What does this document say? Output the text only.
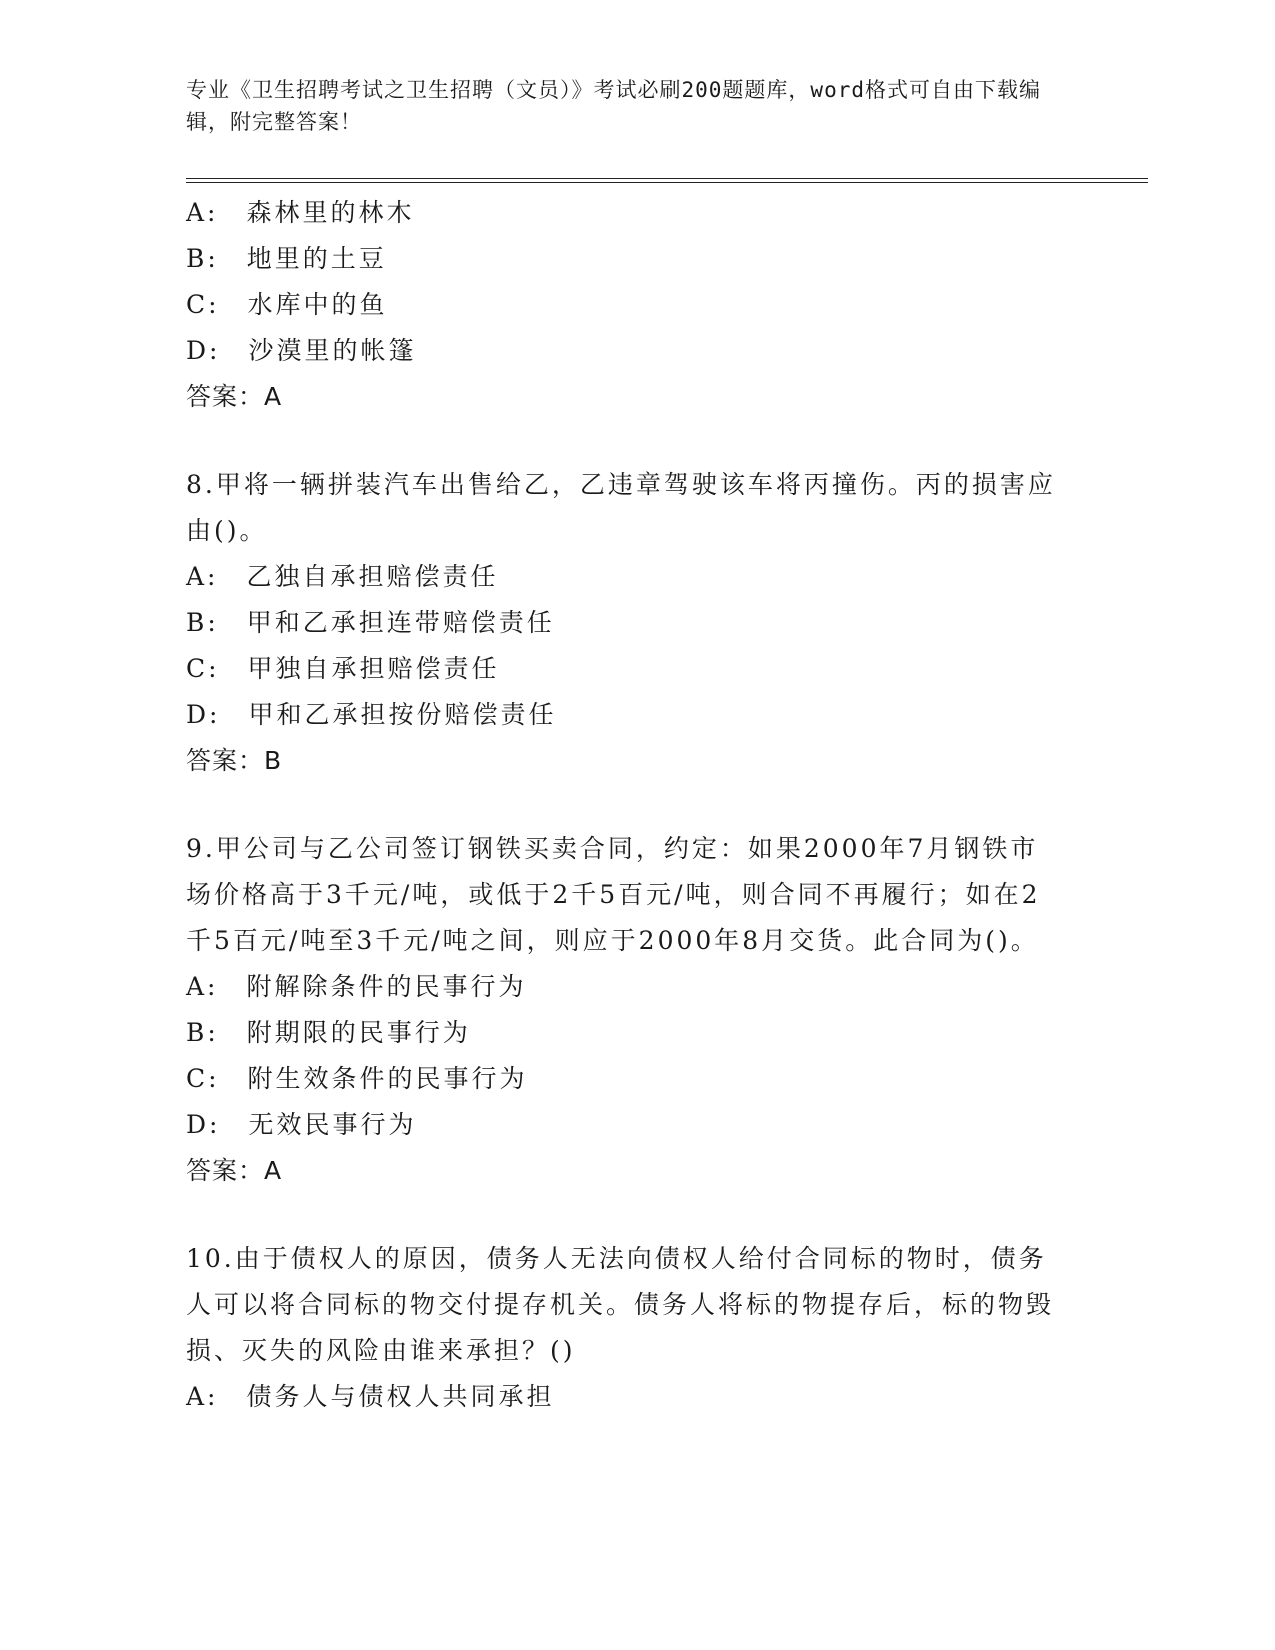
专业《卫生招聘考试之卫生招聘（文员）》考试必刷200题题库，word格式可自由下载编辑，附完整答案！
A:　森林里的林木
B:　地里的土豆
C:　水库中的鱼
D:　沙漠里的帐篷
答案：A
8.甲将一辆拼装汽车出售给乙，乙违章驾驶该车将丙撞伤。丙的损害应由()。
A:　乙独自承担赔偿责任
B:　甲和乙承担连带赔偿责任
C:　甲独自承担赔偿责任
D:　甲和乙承担按份赔偿责任
答案：B
9.甲公司与乙公司签订钢铁买卖合同，约定：如果2000年7月钢铁市场价格高于3千元/吨，或低于2千5百元/吨，则合同不再履行；如在2千5百元/吨至3千元/吨之间，则应于2000年8月交货。此合同为()。
A:　附解除条件的民事行为
B:　附期限的民事行为
C:　附生效条件的民事行为
D:　无效民事行为
答案：A
10.由于债权人的原因，债务人无法向债权人给付合同标的物时，债务人可以将合同标的物交付提存机关。债务人将标的物提存后，标的物毁损、灭失的风险由谁来承担？()
A:　债务人与债权人共同承担
